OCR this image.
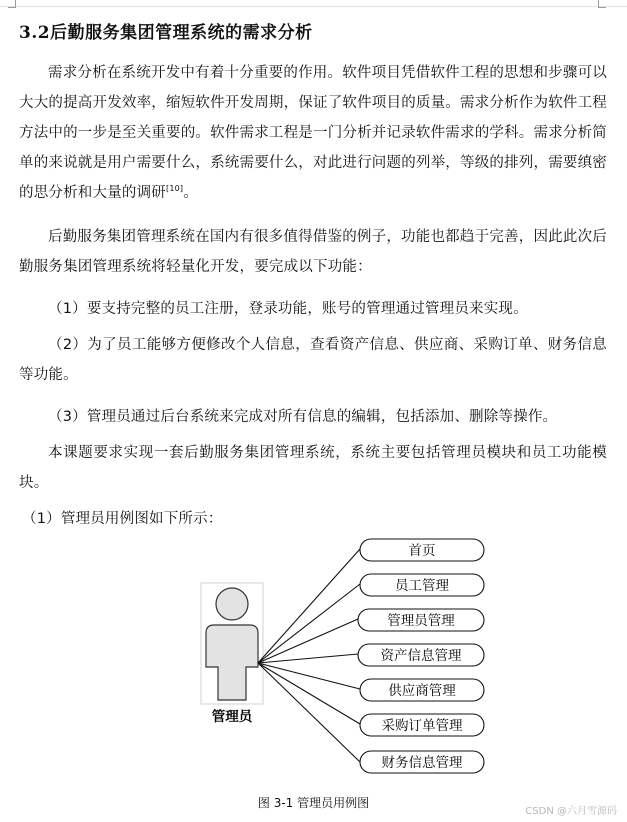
3.2后勤服务集团管理系统的需求分析

需求分析在系统开发中有着十分重要的作用。软件项目凭借软件工程的思想和步骤可以大大的提高开发效率，缩短软件开发周期，保证了软件项目的质量。需求分析作为软件工程方法中的一步是至关重要的。软件需求工程是一门分析并记录软件需求的学科。需求分析简单的来说就是用户需要什么，系统需要什么，对此进行问题的列举，等级的排列，需要缜密的思分析和大量的调研[10]。

后勤服务集团管理系统在国内有很多值得借鉴的例子，功能也都趋于完善，因此此次后勤服务集团管理系统将轻量化开发，要完成以下功能：

（1）要支持完整的员工注册，登录功能，账号的管理通过管理员来实现。

（2）为了员工能够方便修改个人信息，查看资产信息、供应商、采购订单、财务信息等功能。

（3）管理员通过后台系统来完成对所有信息的编辑，包括添加、删除等操作。

本课题要求实现一套后勤服务集团管理系统，系统主要包括管理员模块和员工功能模块。

（1）管理员用例图如下所示：

管理员
首页
员工管理
管理员管理
资产信息管理
供应商管理
采购订单管理
财务信息管理

图 3-1 管理员用例图

CSDN @六月雪源码
